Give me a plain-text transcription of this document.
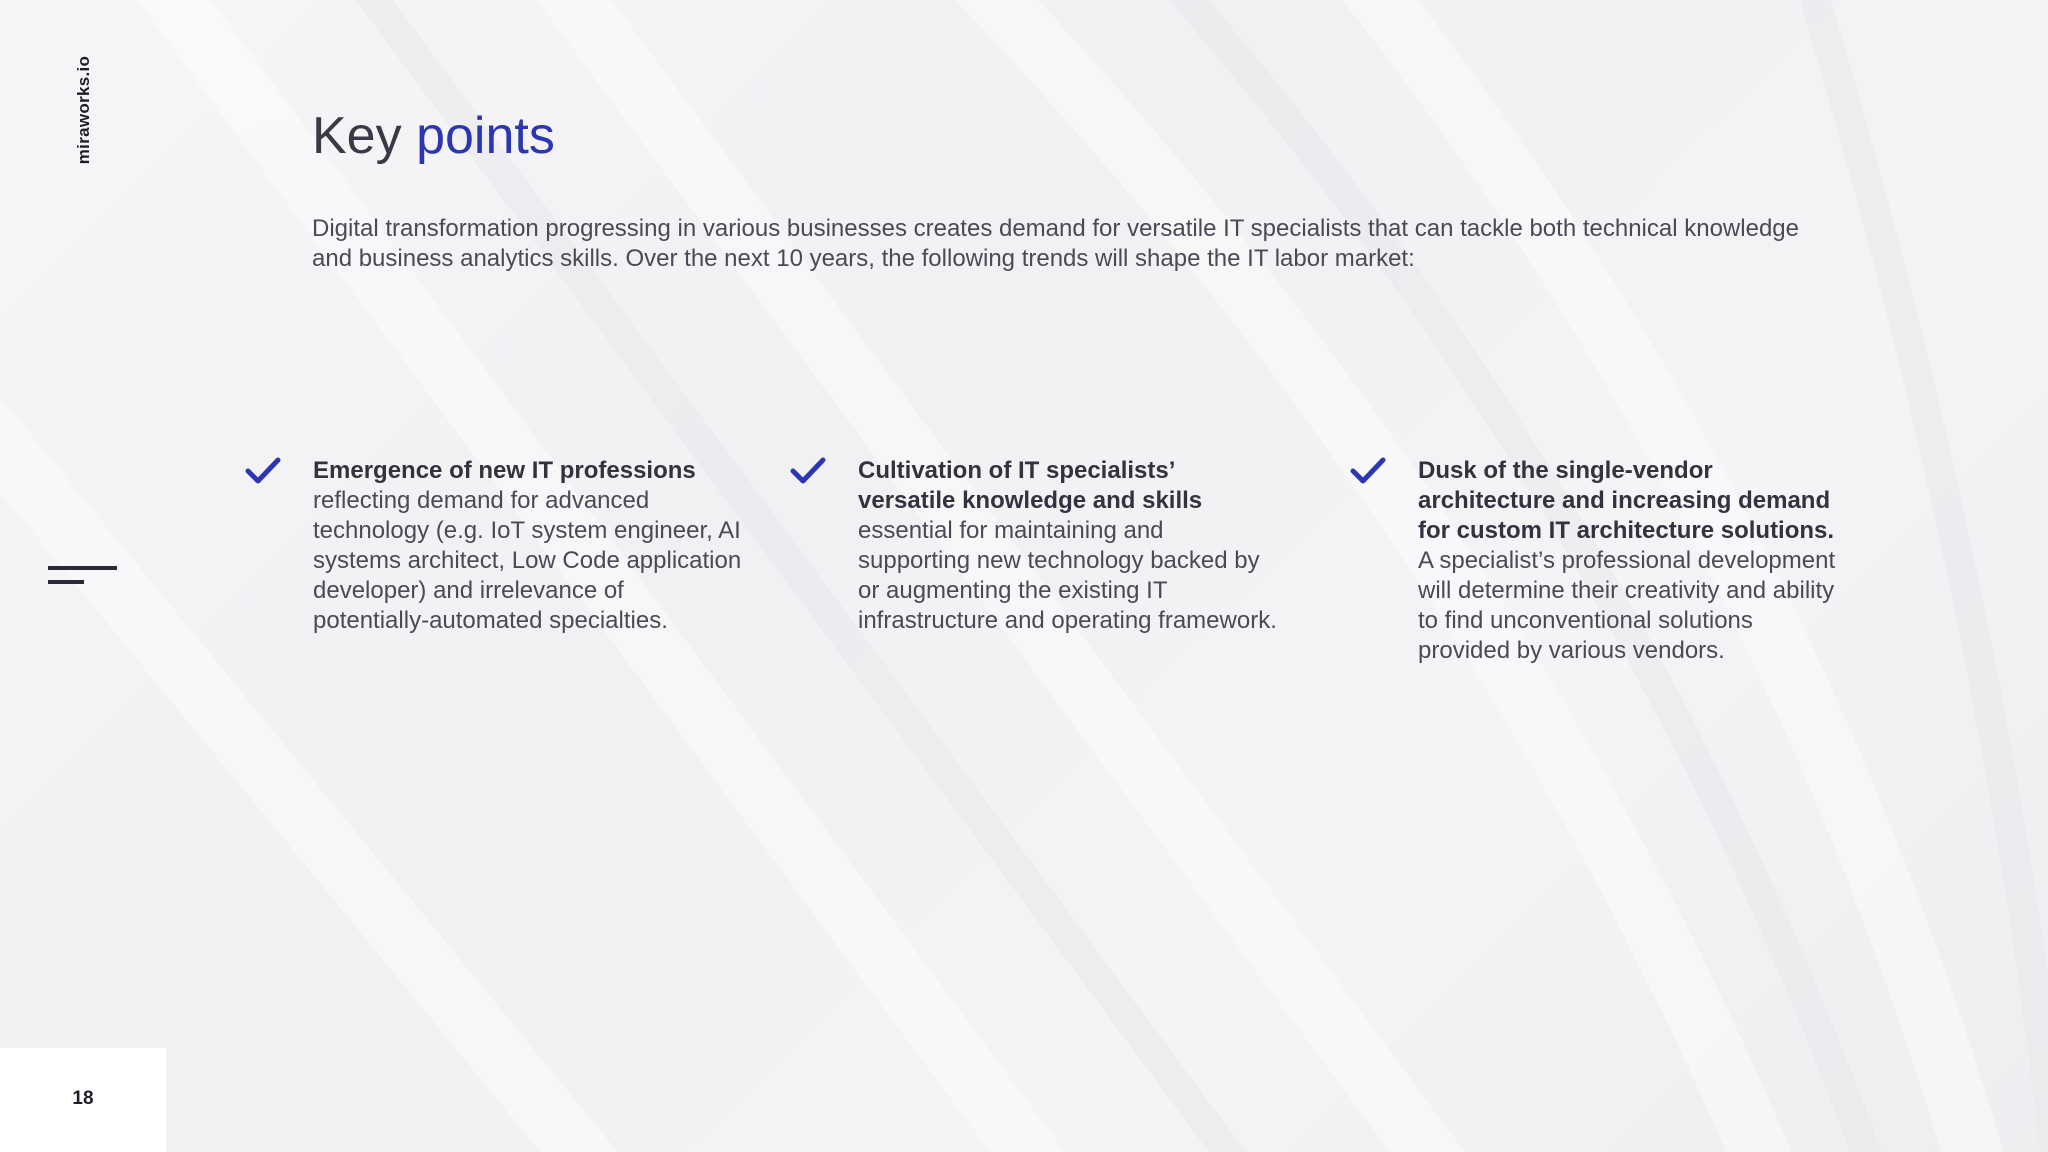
miraworks.io	Key points
Digital transformation progressing in various businesses creates demand for versatile IT specialists that can tackle both technical knowledge and business analytics skills. Over the next 10 years, the following trends will shape the IT labor market:
Emergence of new IT professions reflecting demand for advanced technology (e.g. IoT system engineer, AI systems architect, Low Code application developer) and irrelevance of potentially-automated specialties.
Cultivation of IT specialists’ versatile knowledge and skills essential for maintaining and supporting new technology backed by or augmenting the existing IT infrastructure and operating framework.
Dusk of the single-vendor architecture and increasing demand for custom IT architecture solutions. A specialist’s professional development will determine their creativity and ability to find unconventional solutions provided by various vendors.
18
